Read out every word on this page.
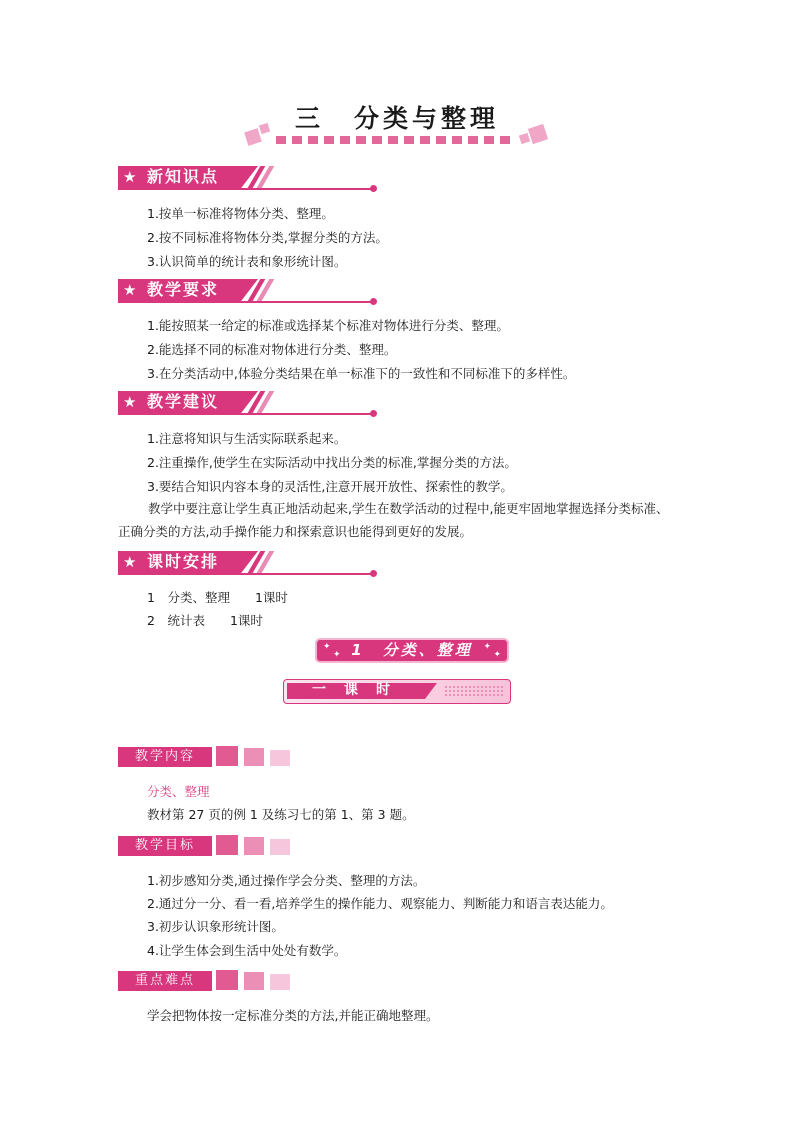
三 分类与整理
★ 新知识点
1.按单一标准将物体分类、整理。
2.按不同标准将物体分类,掌握分类的方法。
3.认识简单的统计表和象形统计图。
★ 教学要求
1.能按照某一给定的标准或选择某个标准对物体进行分类、整理。
2.能选择不同的标准对物体进行分类、整理。
3.在分类活动中,体验分类结果在单一标准下的一致性和不同标准下的多样性。
★ 教学建议
1.注意将知识与生活实际联系起来。
2.注重操作,使学生在实际活动中找出分类的标准,掌握分类的方法。
3.要结合知识内容本身的灵活性,注意开展开放性、探索性的教学。
教学中要注意让学生真正地活动起来,学生在数学活动的过程中,能更牢固地掌握选择分类标准、正确分类的方法,动手操作能力和探索意识也能得到更好的发展。
★ 课时安排
1　分类、整理　　1课时
2　统计表　　1课时
✦
✦ 1　 分类、整理	✦
✦
一课时
教学内容
分类、整理
教材第 27 页的例 1 及练习七的第 1、第 3 题。
教学目标
1.初步感知分类,通过操作学会分类、整理的方法。
2.通过分一分、看一看,培养学生的操作能力、观察能力、判断能力和语言表达能力。
3.初步认识象形统计图。
4.让学生体会到生活中处处有数学。
重点难点
学会把物体按一定标准分类的方法,并能正确地整理。
